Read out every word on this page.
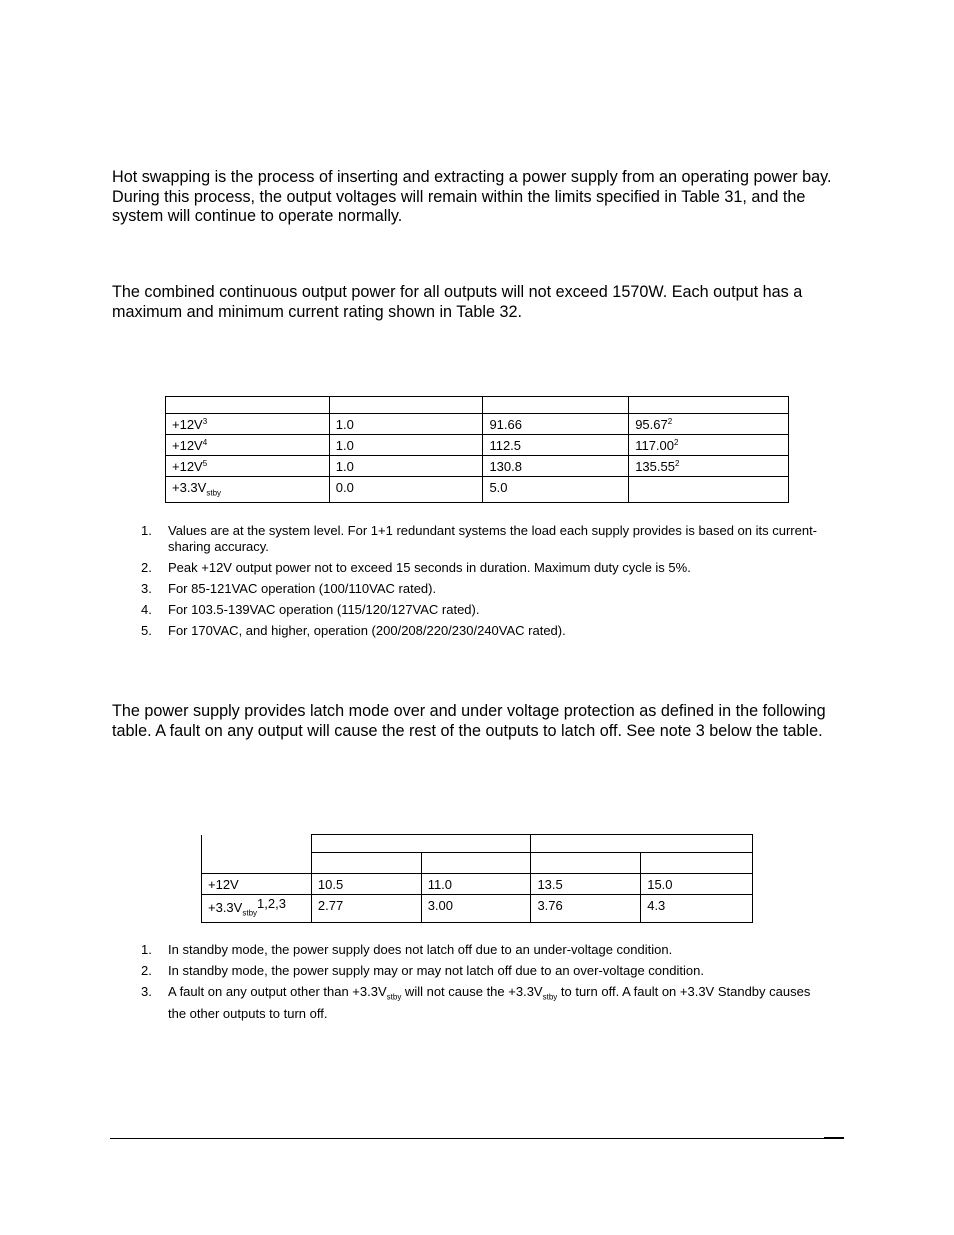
Hot swapping is the process of inserting and extracting a power supply from an operating power bay. During this process, the output voltages will remain within the limits specified in Table 31, and the system will continue to operate normally.

The combined continuous output power for all outputs will not exceed 1570W. Each output has a maximum and minimum current rating shown in Table 32.

$+12V^3$	1.0	91.66	$95.67^2$
$+12V^4$	1.0	112.5	$117.00^2$
$+12V^5$	1.0	130.8	$135.55^2$
$+3.3V_{stby}$	0.0	5.0	
1. Values are at the system level. For 1+1 redundant systems the load each supply provides is based on its current-sharing accuracy.
2. Peak +12V output power not to exceed 15 seconds in duration. Maximum duty cycle is 5%.
3. For 85-121VAC operation (100/110VAC rated).
4. For 103.5-139VAC operation (115/120/127VAC rated).
5. For 170VAC, and higher, operation (200/208/220/230/240VAC rated).

The power supply provides latch mode over and under voltage protection as defined in the following table. A fault on any output will cause the rest of the outputs to latch off. See note 3 below the table.

+12V	10.5	11.0	13.5	15.0
$+3.3V_{stby}1,2,3$	2.77	3.00	3.76	4.3
1. In standby mode, the power supply does not latch off due to an under-voltage condition.
2. In standby mode, the power supply may or may not latch off due to an over-voltage condition.
3. A fault on any output other than $+3.3V_{stby}$ will not cause the $+3.3V_{stby}$ to turn off. A fault on +3.3V Standby causes the other outputs to turn off.
